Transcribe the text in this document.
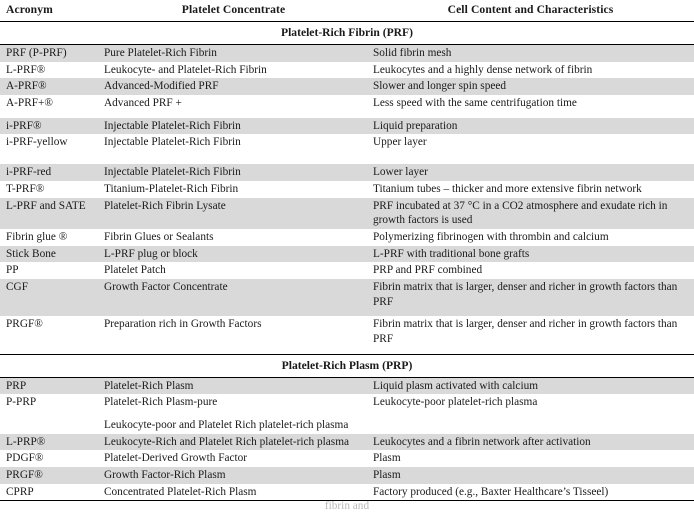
Acronym	Platelet Concentrate	Cell Content and Characteristics
Platelet-Rich Fibrin (PRF)		
PRF (P-PRF)	Pure Platelet-Rich Fibrin	Solid fibrin mesh
L-PRF®	Leukocyte- and Platelet-Rich Fibrin	Leukocytes and a highly dense network of fibrin
A-PRF®	Advanced-Modified PRF	Slower and longer spin speed
A-PRF+®	Advanced PRF +	Less speed with the same centrifugation time
i-PRF®	Injectable Platelet-Rich Fibrin	Liquid preparation
i-PRF-yellow	Injectable Platelet-Rich Fibrin	Upper layer
i-PRF-red	Injectable Platelet-Rich Fibrin	Lower layer
T-PRF®	Titanium-Platelet-Rich Fibrin	Titanium tubes – thicker and more extensive fibrin network
L-PRF and SATE	Platelet-Rich Fibrin Lysate	PRF incubated at 37 °C in a CO2 atmosphere and exudate rich in growth factors is used
Fibrin glue ®	Fibrin Glues or Sealants	Polymerizing fibrinogen with thrombin and calcium
Stick Bone	L-PRF plug or block	L-PRF with traditional bone grafts
PP	Platelet Patch	PRP and PRF combined
CGF	Growth Factor Concentrate	Fibrin matrix that is larger, denser and richer in growth factors than PRF
PRGF®	Preparation rich in Growth Factors	Fibrin matrix that is larger, denser and richer in growth factors than PRF
Platelet-Rich Plasm (PRP)		
PRP	Platelet-Rich Plasm	Liquid plasm activated with calcium
P-PRP	Platelet-Rich Plasm-pure	Leukocyte-poor platelet-rich plasma
	Leukocyte-poor and Platelet Rich platelet-rich plasma	
L-PRP®	Leukocyte-Rich and Platelet Rich platelet-rich plasma	Leukocytes and a fibrin network after activation
PDGF®	Platelet-Derived Growth Factor	Plasm
PRGF®	Growth Factor-Rich Plasm	Plasm
CPRP	Concentrated Platelet-Rich Plasm	Factory produced (e.g., Baxter Healthcare’s Tisseel)
fibrin and
